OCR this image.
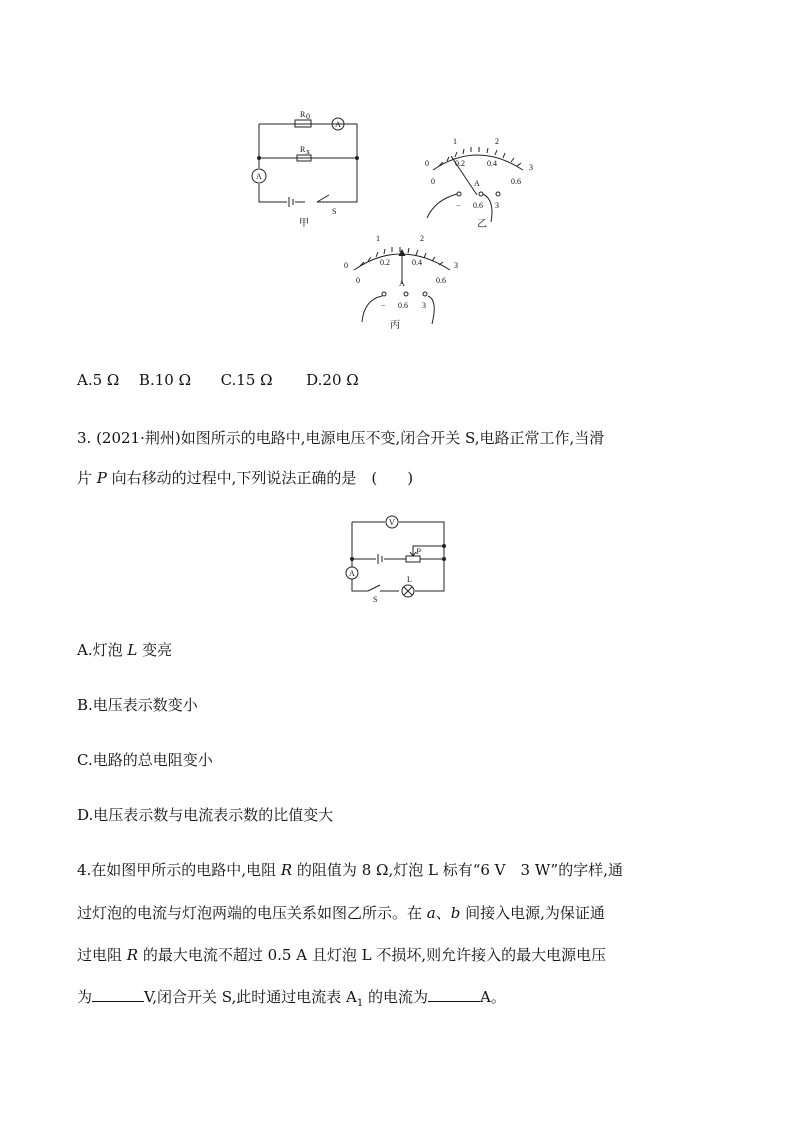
R 0
R x
A
A
S
甲
1	2
3
0
0
0.2	0.4
0.6
A
− 0.6 3
乙
0
1	2
3
0
0.2	0.4
0.6
A
− 0.6 3
丙
A.5 Ω B.10 Ω C.15 Ω D.20 Ω
3. (2021·荆州)如图所示的电路中,电源电压不变,闭合开关 S,电路正常工作,当滑
片 P 向右移动的过程中,下列说法正确的是　(　　)
V
P
A
S
L
A.灯泡 L 变亮
B.电压表示数变小
C.电路的总电阻变小
D.电压表示数与电流表示数的比值变大
4.在如图甲所示的电路中,电阻 R 的阻值为 8 Ω,灯泡 L 标有“6 V　3 W”的字样,通
过灯泡的电流与灯泡两端的电压关系如图乙所示。在 a、b 间接入电源,为保证通
过电阻 R 的最大电流不超过 0.5 A 且灯泡 L 不损坏,则允许接入的最大电源电压
为	V,闭合开关 S,此时通过电流表 $A_1$ 的电流为	A。
